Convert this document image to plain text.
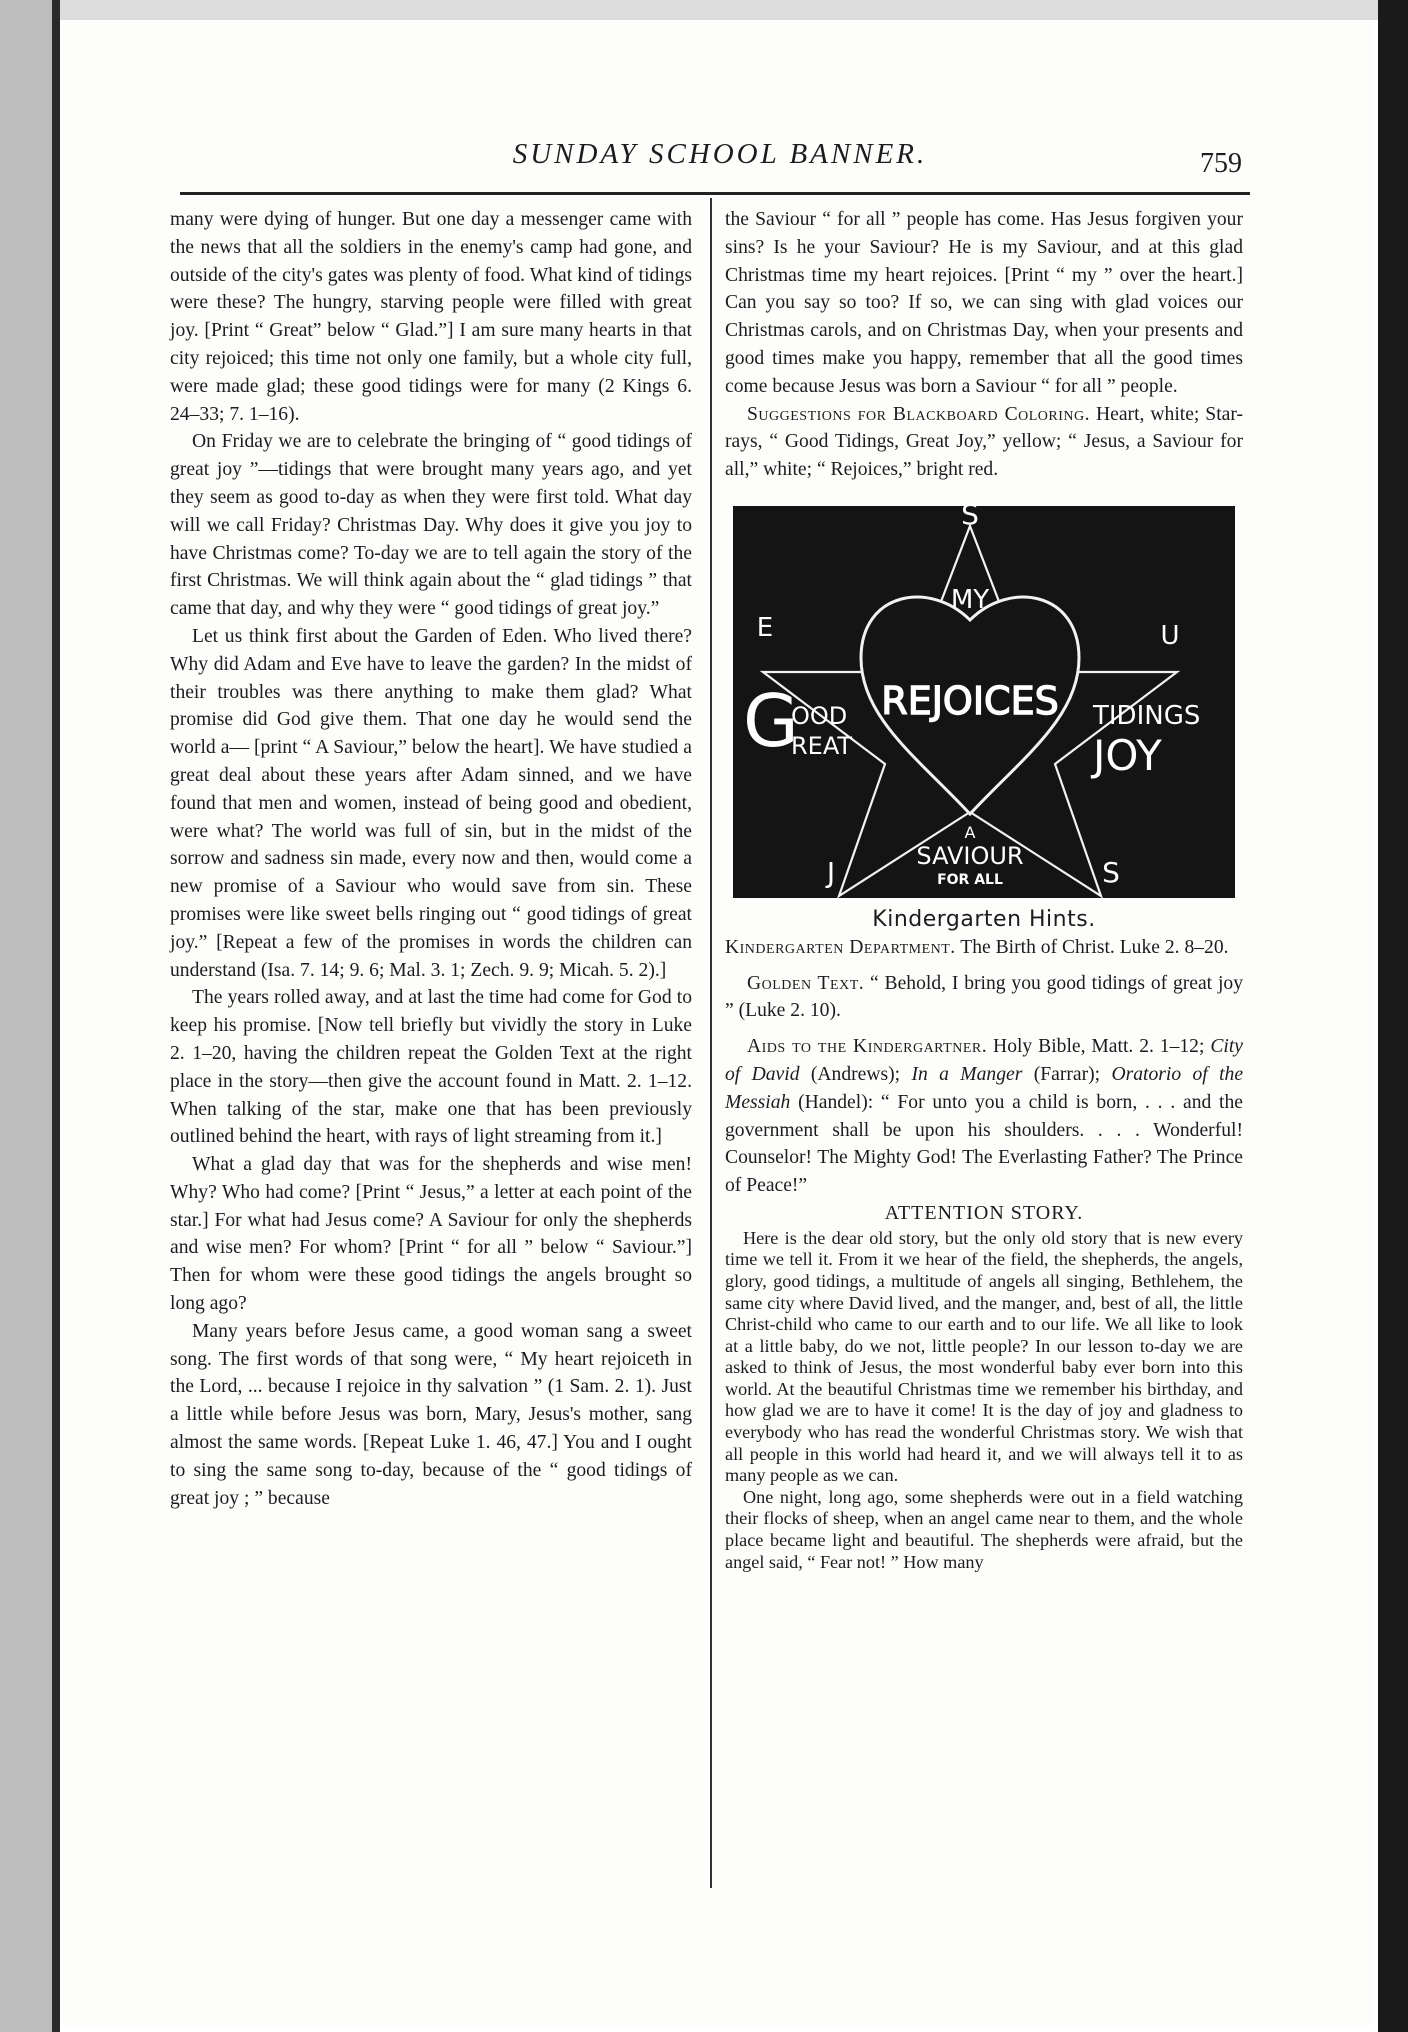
SUNDAY SCHOOL BANNER.	759

many were dying of hunger. But one day a messenger came with the news that all the soldiers in the enemy's camp had gone, and outside of the city's gates was plenty of food. What kind of tidings were these? The hungry, starving people were filled with great joy. [Print “ Great” below “ Glad.”] I am sure many hearts in that city rejoiced; this time not only one family, but a whole city full, were made glad; these good tidings were for many (2 Kings 6. 24–33; 7. 1–16).

On Friday we are to celebrate the bringing of “ good tidings of great joy ”—tidings that were brought many years ago, and yet they seem as good to-day as when they were first told. What day will we call Friday? Christmas Day. Why does it give you joy to have Christmas come? To-day we are to tell again the story of the first Christmas. We will think again about the “ glad tidings ” that came that day, and why they were “ good tidings of great joy.”

Let us think first about the Garden of Eden. Who lived there? Why did Adam and Eve have to leave the garden? In the midst of their troubles was there anything to make them glad? What promise did God give them. That one day he would send the world a— [print “ A Saviour,” below the heart]. We have studied a great deal about these years after Adam sinned, and we have found that men and women, instead of being good and obedient, were what? The world was full of sin, but in the midst of the sorrow and sadness sin made, every now and then, would come a new promise of a Saviour who would save from sin. These promises were like sweet bells ringing out “ good tidings of great joy.” [Repeat a few of the promises in words the children can understand (Isa. 7. 14; 9. 6; Mal. 3. 1; Zech. 9. 9; Micah. 5. 2).]

The years rolled away, and at last the time had come for God to keep his promise. [Now tell briefly but vividly the story in Luke 2. 1–20, having the children repeat the Golden Text at the right place in the story—then give the account found in Matt. 2. 1–12. When talking of the star, make one that has been previously outlined behind the heart, with rays of light streaming from it.]

What a glad day that was for the shepherds and wise men! Why? Who had come? [Print “ Jesus,” a letter at each point of the star.] For what had Jesus come? A Saviour for only the shepherds and wise men? For whom? [Print “ for all ” below “ Saviour.”] Then for whom were these good tidings the angels brought so long ago?

Many years before Jesus came, a good woman sang a sweet song. The first words of that song were, “ My heart rejoiceth in the Lord, ... because I rejoice in thy salvation ” (1 Sam. 2. 1). Just a little while before Jesus was born, Mary, Jesus's mother, sang almost the same words. [Repeat Luke 1. 46, 47.] You and I ought to sing the same song to-day, because of the “ good tidings of great joy ; ” because

the Saviour “ for all ” people has come. Has Jesus forgiven your sins? Is he your Saviour? He is my Saviour, and at this glad Christmas time my heart rejoices. [Print “ my ” over the heart.] Can you say so too? If so, we can sing with glad voices our Christmas carols, and on Christmas Day, when your presents and good times make you happy, remember that all the good times come because Jesus was born a Saviour “ for all ” people.

Suggestions for Blackboard Coloring. Heart, white; Star-rays, “ Good Tidings, Great Joy,” yellow; “ Jesus, a Saviour for all,” white; “ Rejoices,” bright red.

S
E	U
J	S
MY
REJOICES
G
OOD
REAT
TIDINGS
JOY
A
SAVIOUR
FOR ALL

Kindergarten Hints.

Kindergarten Department. The Birth of Christ. Luke 2. 8–20.

Golden Text. “ Behold, I bring you good tidings of great joy ” (Luke 2. 10).

Aids to the Kindergartner. Holy Bible, Matt. 2. 1–12; City of David (Andrews); In a Manger (Farrar); Oratorio of the Messiah (Handel): “ For unto you a child is born, . . . and the government shall be upon his shoulders. . . . Wonderful! Counselor! The Mighty God! The Everlasting Father? The Prince of Peace!”

ATTENTION STORY.

Here is the dear old story, but the only old story that is new every time we tell it. From it we hear of the field, the shepherds, the angels, glory, good tidings, a multitude of angels all singing, Bethlehem, the same city where David lived, and the manger, and, best of all, the little Christ-child who came to our earth and to our life. We all like to look at a little baby, do we not, little people? In our lesson to-day we are asked to think of Jesus, the most wonderful baby ever born into this world. At the beautiful Christmas time we remember his birthday, and how glad we are to have it come! It is the day of joy and gladness to everybody who has read the wonderful Christmas story. We wish that all people in this world had heard it, and we will always tell it to as many people as we can.

One night, long ago, some shepherds were out in a field watching their flocks of sheep, when an angel came near to them, and the whole place became light and beautiful. The shepherds were afraid, but the angel said, “ Fear not! ” How many
